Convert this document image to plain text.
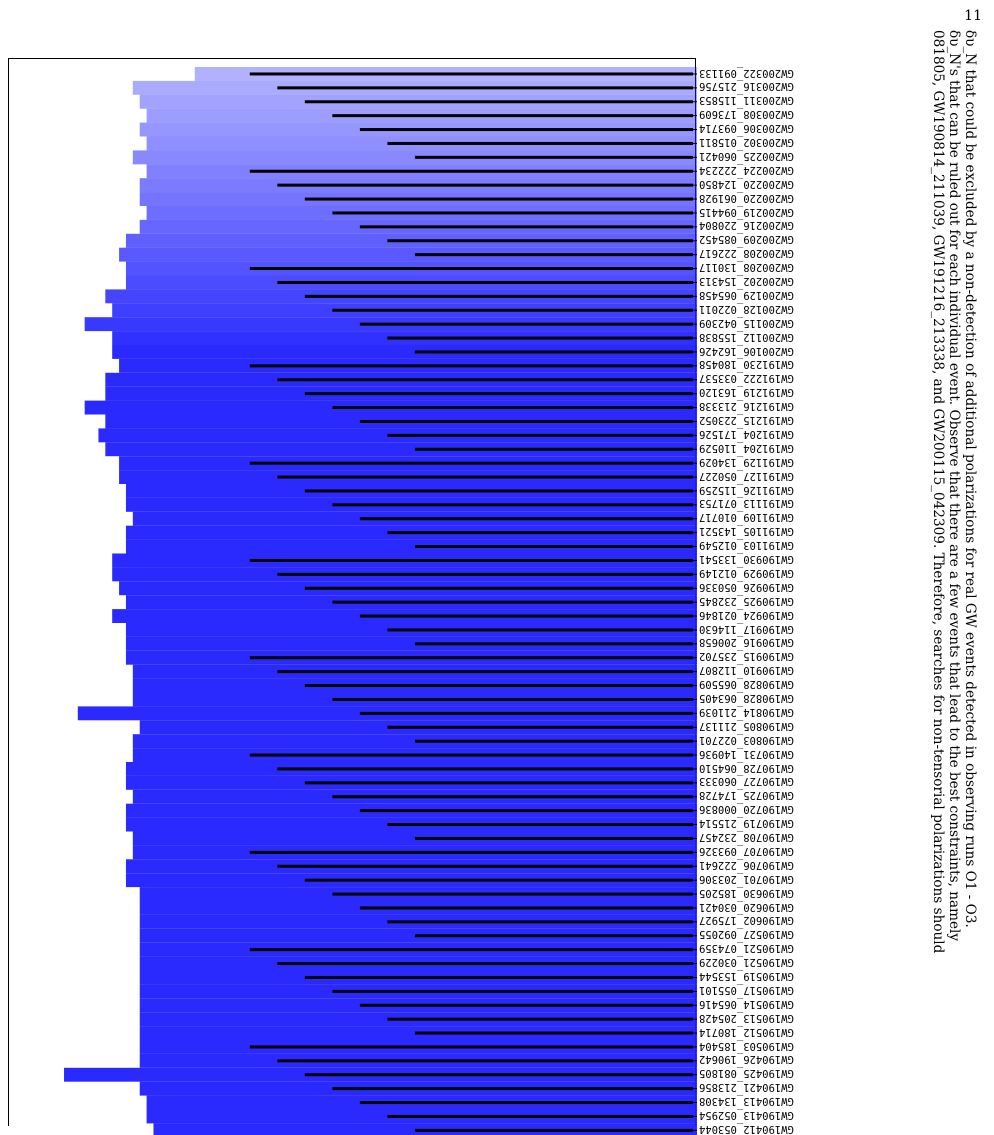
11
GW200322_091133
GW200316_215756
GW200311_115853
GW200308_173609
GW200306_093714
GW200302_015811
GW200225_060421
GW200224_222234
GW200220_124850
GW200220_061928
GW200219_094415
GW200216_220804
GW200209_085452
GW200208_222617
GW200208_130117
GW200202_154313
GW200129_065458
GW200128_022011
GW200115_042309
GW200112_155838
GW200106_162426
GW191230_180458
GW191222_033537
GW191219_163120
GW191216_213338
GW191215_223052
GW191204_171526
GW191204_110529
GW191129_134029
GW191127_050227
GW191126_115259
GW191113_071753
GW191109_010717
GW191105_143521
GW191103_012549
GW190930_133541
GW190929_012149
GW190926_050336
GW190925_232845
GW190924_021846
GW190917_114630
GW190916_200658
GW190915_235702
GW190910_112807
GW190828_065509
GW190828_063405
GW190814_211039
GW190805_211137
GW190803_022701
GW190731_140936
GW190728_064510
GW190727_060333
GW190725_174728
GW190720_000836
GW190719_215514
GW190708_232457
GW190707_093326
GW190706_222641
GW190701_203306
GW190630_185205
GW190620_030421
GW190602_175927
GW190527_092055
GW190521_074359
GW190521_030229
GW190519_153544
GW190517_055101
GW190514_065416
GW190513_205428
GW190512_180714
GW190503_185404
GW190426_190642
GW190425_081805
GW190421_213856
GW190413_134308
GW190413_052954
GW190412_053044

δυ_N that could be excluded by a non-detection of additional polarizations for real GW events detected in observing runs O1 - O3.

δυ_N's that can be ruled out for each individual event. Observe that there are a few events that lead to the best constraints, namely

081805, GW190814_211039, GW191216_213338, and GW200115_042309. Therefore, searches for non-tensorial polarizations should
